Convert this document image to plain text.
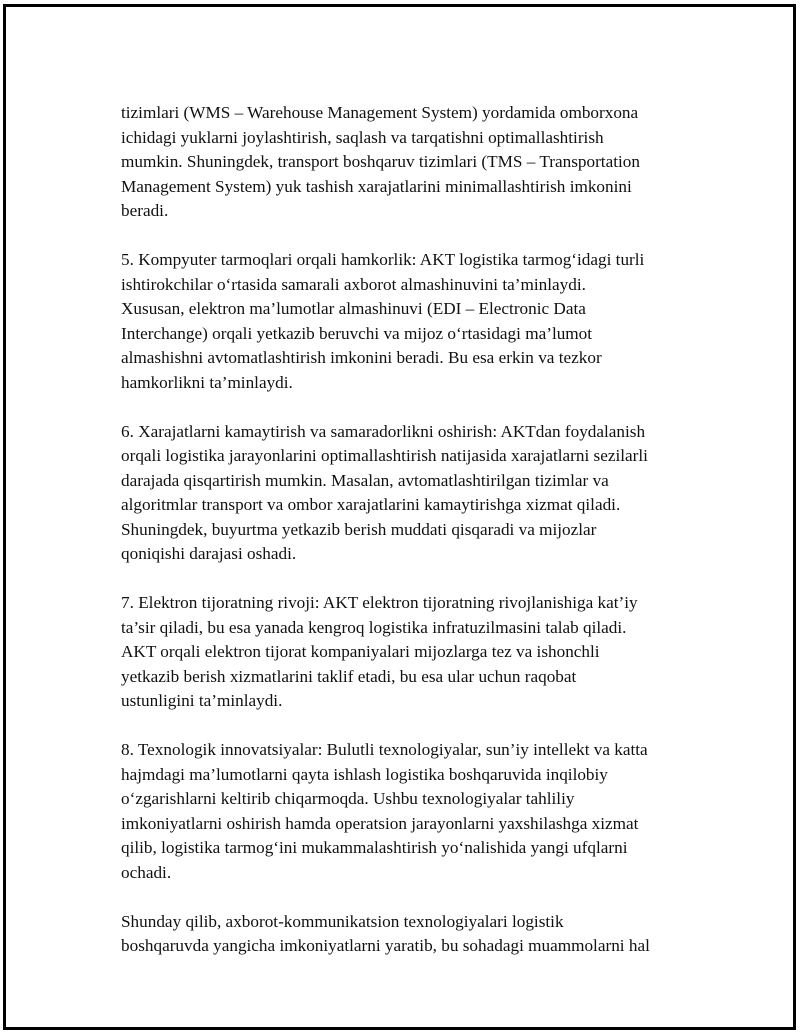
tizimlari (WMS – Warehouse Management System) yordamida omborxona
ichidagi yuklarni joylashtirish, saqlash va tarqatishni optimallashtirish
mumkin. Shuningdek, transport boshqaruv tizimlari (TMS – Transportation
Management System) yuk tashish xarajatlarini minimallashtirish imkonini
beradi.

5. Kompyuter tarmoqlari orqali hamkorlik: AKT logistika tarmog‘idagi turli
ishtirokchilar o‘rtasida samarali axborot almashinuvini ta’minlaydi.
Xususan, elektron ma’lumotlar almashinuvi (EDI – Electronic Data
Interchange) orqali yetkazib beruvchi va mijoz o‘rtasidagi ma’lumot
almashishni avtomatlashtirish imkonini beradi. Bu esa erkin va tezkor
hamkorlikni ta’minlaydi.

6. Xarajatlarni kamaytirish va samaradorlikni oshirish: AKTdan foydalanish
orqali logistika jarayonlarini optimallashtirish natijasida xarajatlarni sezilarli
darajada qisqartirish mumkin. Masalan, avtomatlashtirilgan tizimlar va
algoritmlar transport va ombor xarajatlarini kamaytirishga xizmat qiladi.
Shuningdek, buyurtma yetkazib berish muddati qisqaradi va mijozlar
qoniqishi darajasi oshadi.

7. Elektron tijoratning rivoji: AKT elektron tijoratning rivojlanishiga kat’iy
ta’sir qiladi, bu esa yanada kengroq logistika infratuzilmasini talab qiladi.
AKT orqali elektron tijorat kompaniyalari mijozlarga tez va ishonchli
yetkazib berish xizmatlarini taklif etadi, bu esa ular uchun raqobat
ustunligini ta’minlaydi.

8. Texnologik innovatsiyalar: Bulutli texnologiyalar, sun’iy intellekt va katta
hajmdagi ma’lumotlarni qayta ishlash logistika boshqaruvida inqilobiy
o‘zgarishlarni keltirib chiqarmoqda. Ushbu texnologiyalar tahliliy
imkoniyatlarni oshirish hamda operatsion jarayonlarni yaxshilashga xizmat
qilib, logistika tarmog‘ini mukammalashtirish yo‘nalishida yangi ufqlarni
ochadi.

Shunday qilib, axborot-kommunikatsion texnologiyalari logistik
boshqaruvda yangicha imkoniyatlarni yaratib, bu sohadagi muammolarni hal
